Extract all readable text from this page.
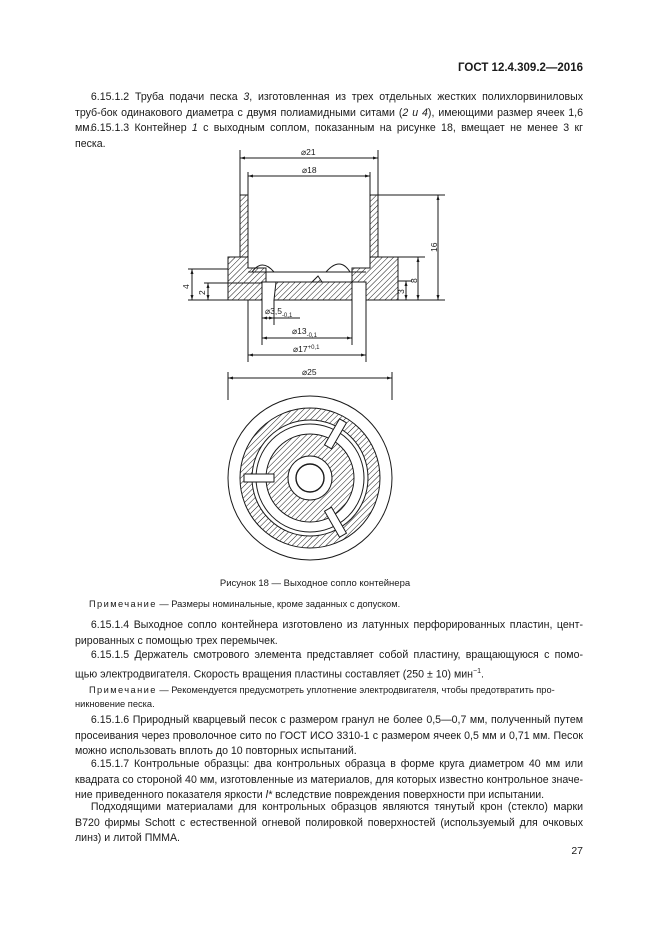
ГОСТ 12.4.309.2—2016

  6.15.1.2 Труба подачи песка 3, изготовленная из трех отдельных жестких полихлорвиниловых труб-бок одинакового диаметра с двумя полиамидными ситами (2 и 4), имеющими размер ячеек 1,6 мм.

  6.15.1.3 Контейнер 1 с выходным соплом, показанным на рисунке 18, вмещает не менее 3 кг песка.

⌀21
⌀18
16
8
3
4
2
$⌀3,5_{-0,1}$
$⌀13_{-0,1}$
$⌀17^{+0,1}$
⌀25
Рисунок 18 — Выходное сопло контейнера

  Примечание — Размеры номинальные, кроме заданных с допуском.

  6.15.1.4 Выходное сопло контейнера изготовлено из латунных перфорированных пластин, цент-рированных с помощью трех перемычек.

  6.15.1.5 Держатель смотрового элемента представляет собой пластину, вращающуюся с помо-щью электродвигателя. Скорость вращения пластины составляет (250 ± 10) мин$^{-1}$.

  Примечание — Рекомендуется предусмотреть уплотнение электродвигателя, чтобы предотвратить про-никновение песка.

  6.15.1.6 Природный кварцевый песок с размером гранул не более 0,5—0,7 мм, полученный путем просеивания через проволочное сито по ГОСТ ИСО 3310-1 с размером ячеек 0,5 мм и 0,71 мм. Песок можно использовать вплоть до 10 повторных испытаний.

  6.15.1.7 Контрольные образцы: два контрольных образца в форме круга диаметром 40 мм или квадрата со стороной 40 мм, изготовленные из материалов, для которых известно контрольное значе-ние приведенного показателя яркости l* вследствие повреждения поверхности при испытании.

  Подходящими материалами для контрольных образцов являются тянутый крон (стекло) марки B720 фирмы Schott с естественной огневой полировкой поверхностей (используемый для очковых линз) и литой ПММА.

27
